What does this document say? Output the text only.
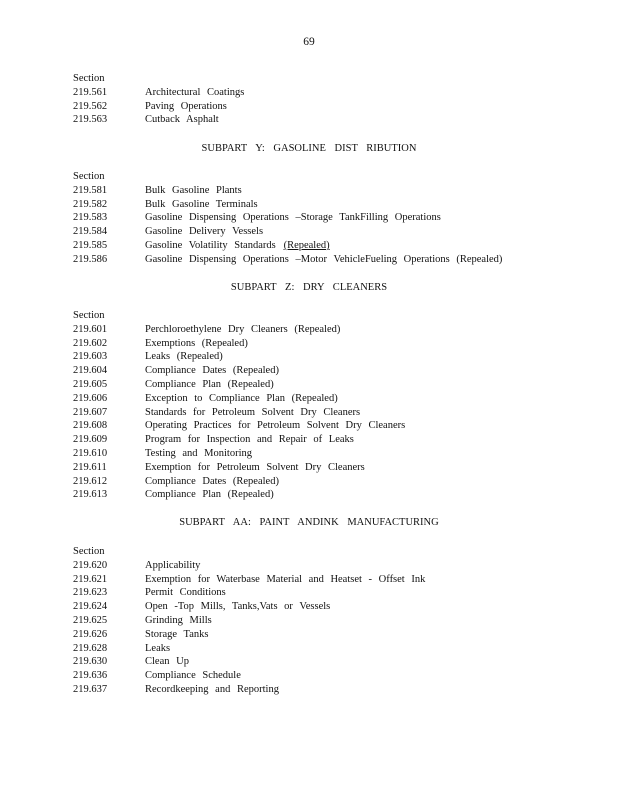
69
Section
219.561	Architectural Coatings
219.562	Paving Operations
219.563	Cutback Asphalt
SUBPART Y: GASOLINE DIST RIBUTION
Section
219.581	Bulk Gasoline Plants
219.582	Bulk Gasoline Terminals
219.583	Gasoline Dispensing Operations –Storage TankFilling Operations
219.584	Gasoline Delivery Vessels
219.585	Gasoline Volatility Standards
(Repealed)
219.586	Gasoline Dispensing Operations –Motor VehicleFueling Operations (Repealed)
SUBPART Z: DRY CLEANERS
Section
219.601	Perchloroethylene Dry Cleaners (Repealed)
219.602	Exemptions (Repealed)
219.603	Leaks (Repealed)
219.604	Compliance Dates (Repealed)
219.605	Compliance Plan (Repealed)
219.606	Exception to Compliance Plan (Repealed)
219.607	Standards for Petroleum Solvent Dry Cleaners
219.608	Operating Practices for Petroleum Solvent Dry Cleaners
219.609	Program for Inspection and Repair of Leaks
219.610	Testing and Monitoring
219.611	Exemption for Petroleum Solvent Dry Cleaners
219.612	Compliance Dates (Repealed)
219.613	Compliance Plan (Repealed)
SUBPART AA: PAINT ANDINK MANUFACTURING
Section
219.620	Applicability
219.621	Exemption for Waterbase Material and Heatset - Offset Ink
219.623	Permit Conditions
219.624	Open -Top Mills, Tanks,Vats or Vessels
219.625	Grinding Mills
219.626	Storage Tanks
219.628	Leaks
219.630	Clean Up
219.636	Compliance Schedule
219.637	Recordkeeping and Reporting
